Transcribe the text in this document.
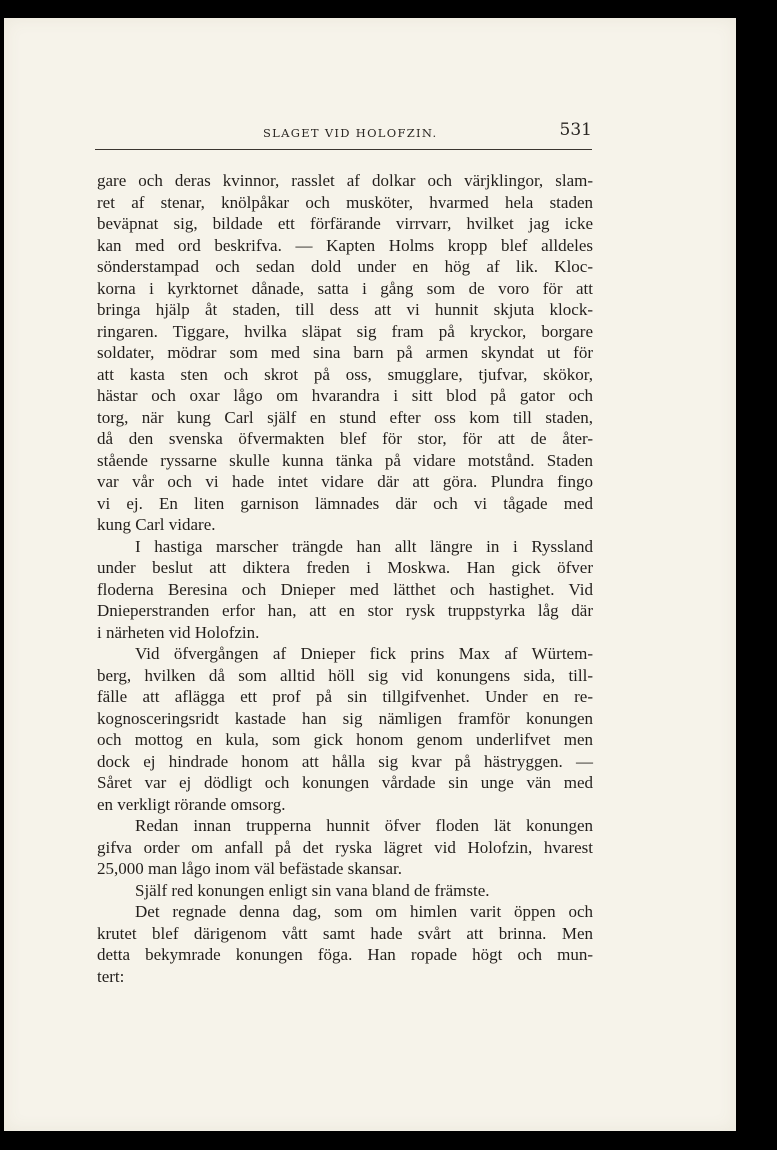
SLAGET VID HOLOFZIN.	531

gare och deras kvinnor, rasslet af dolkar och värjklingor, slam-
ret af stenar, knölpåkar och musköter, hvarmed hela staden
beväpnat sig, bildade ett förfärande virrvarr, hvilket jag icke
kan med ord beskrifva. — Kapten Holms kropp blef alldeles
sönderstampad och sedan dold under en hög af lik. Kloc-
korna i kyrktornet dånade, satta i gång som de voro för att
bringa hjälp åt staden, till dess att vi hunnit skjuta klock-
ringaren. Tiggare, hvilka släpat sig fram på kryckor, borgare
soldater, mödrar som med sina barn på armen skyndat ut för
att kasta sten och skrot på oss, smugglare, tjufvar, skökor,
hästar och oxar lågo om hvarandra i sitt blod på gator och
torg, när kung Carl själf en stund efter oss kom till staden,
då den svenska öfvermakten blef för stor, för att de åter-
stående ryssarne skulle kunna tänka på vidare motstånd. Staden
var vår och vi hade intet vidare där att göra. Plundra fingo
vi ej. En liten garnison lämnades där och vi tågade med
kung Carl vidare.

I hastiga marscher trängde han allt längre in i Ryssland
under beslut att diktera freden i Moskwa. Han gick öfver
floderna Beresina och Dnieper med lätthet och hastighet. Vid
Dnieperstranden erfor han, att en stor rysk truppstyrka låg där
i närheten vid Holofzin.

Vid öfvergången af Dnieper fick prins Max af Würtem-
berg, hvilken då som alltid höll sig vid konungens sida, till-
fälle att aflägga ett prof på sin tillgifvenhet. Under en re-
kognosceringsridt kastade han sig nämligen framför konungen
och mottog en kula, som gick honom genom underlifvet men
dock ej hindrade honom att hålla sig kvar på hästryggen. —
Såret var ej dödligt och konungen vårdade sin unge vän med
en verkligt rörande omsorg.

Redan innan trupperna hunnit öfver floden lät konungen
gifva order om anfall på det ryska lägret vid Holofzin, hvarest
25,000 man lågo inom väl befästade skansar.

Själf red konungen enligt sin vana bland de främste.

Det regnade denna dag, som om himlen varit öppen och
krutet blef därigenom vått samt hade svårt att brinna. Men
detta bekymrade konungen föga. Han ropade högt och mun-
tert:
